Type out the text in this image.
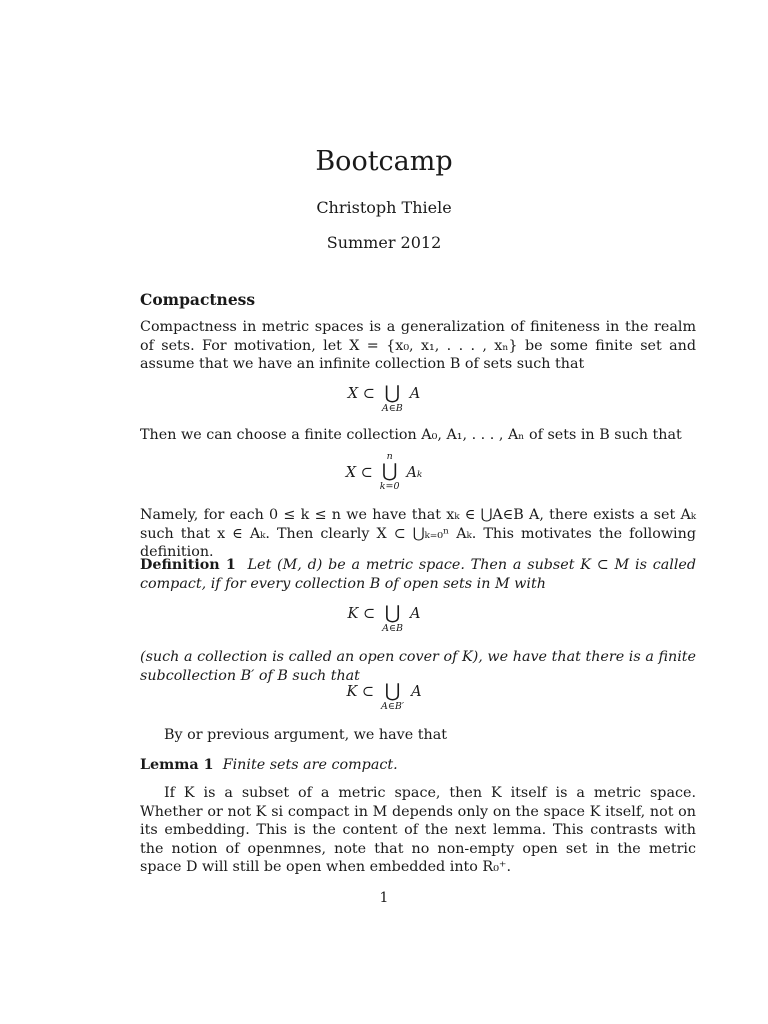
Bootcamp
Christoph Thiele
Summer 2012
Compactness
Compactness in metric spaces is a generalization of finiteness in the realm of sets. For motivation, let X = {x₀, x₁, . . . , xₙ} be some finite set and assume that we have an infinite collection B of sets such that
X ⊂ ⋃
A∈B
A
Then we can choose a finite collection A₀, A₁, . . . , Aₙ of sets in B such that
X ⊂
n
⋃
k=0
Aₖ
Namely, for each 0 ≤ k ≤ n we have that xₖ ∈ ⋃A∈B A, there exists a set Aₖ such that x ∈ Aₖ. Then clearly X ⊂ ⋃ₖ₌₀ⁿ Aₖ. This motivates the following definition.
Definition 1 Let (M, d) be a metric space. Then a subset K ⊂ M is called compact, if for every collection B of open sets in M with
K ⊂ ⋃
A∈B
A
(such a collection is called an open cover of K), we have that there is a finite subcollection B′ of B such that
K ⊂ ⋃
A∈B′
A
By or previous argument, we have that
Lemma 1 Finite sets are compact.
If K is a subset of a metric space, then K itself is a metric space. Whether or not K si compact in M depends only on the space K itself, not on its embedding. This is the content of the next lemma. This contrasts with the notion of openmnes, note that no non-empty open set in the metric space D will still be open when embedded into R₀⁺.
1
